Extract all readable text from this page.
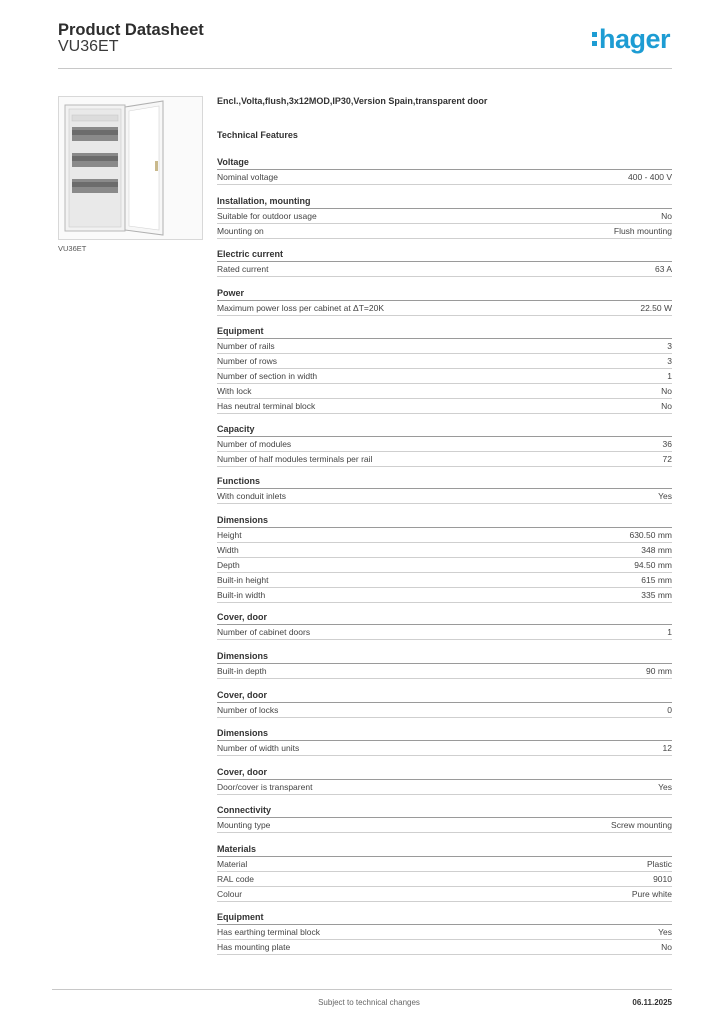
Product Datasheet
VU36ET	hager
VU36ET
Encl.,Volta,flush,3x12MOD,IP30,Version Spain,transparent door
Technical Features
Voltage
Nominal voltage	400 - 400 V
Installation, mounting
Suitable for outdoor usage	No
Mounting on	Flush mounting
Electric current
Rated current	63 A
Power
Maximum power loss per cabinet at ΔT=20K	22.50 W
Equipment
Number of rails	3
Number of rows	3
Number of section in width	1
With lock	No
Has neutral terminal block	No
Capacity
Number of modules	36
Number of half modules terminals per rail	72
Functions
With conduit inlets	Yes
Dimensions
Height	630.50 mm
Width	348 mm
Depth	94.50 mm
Built-in height	615 mm
Built-in width	335 mm
Cover, door
Number of cabinet doors	1
Dimensions
Built-in depth	90 mm
Cover, door
Number of locks	0
Dimensions
Number of width units	12
Cover, door
Door/cover is transparent	Yes
Connectivity
Mounting type	Screw mounting
Materials
Material	Plastic
RAL code	9010
Colour	Pure white
Equipment
Has earthing terminal block	Yes
Has mounting plate	No
Subject to technical changes	06.11.2025
